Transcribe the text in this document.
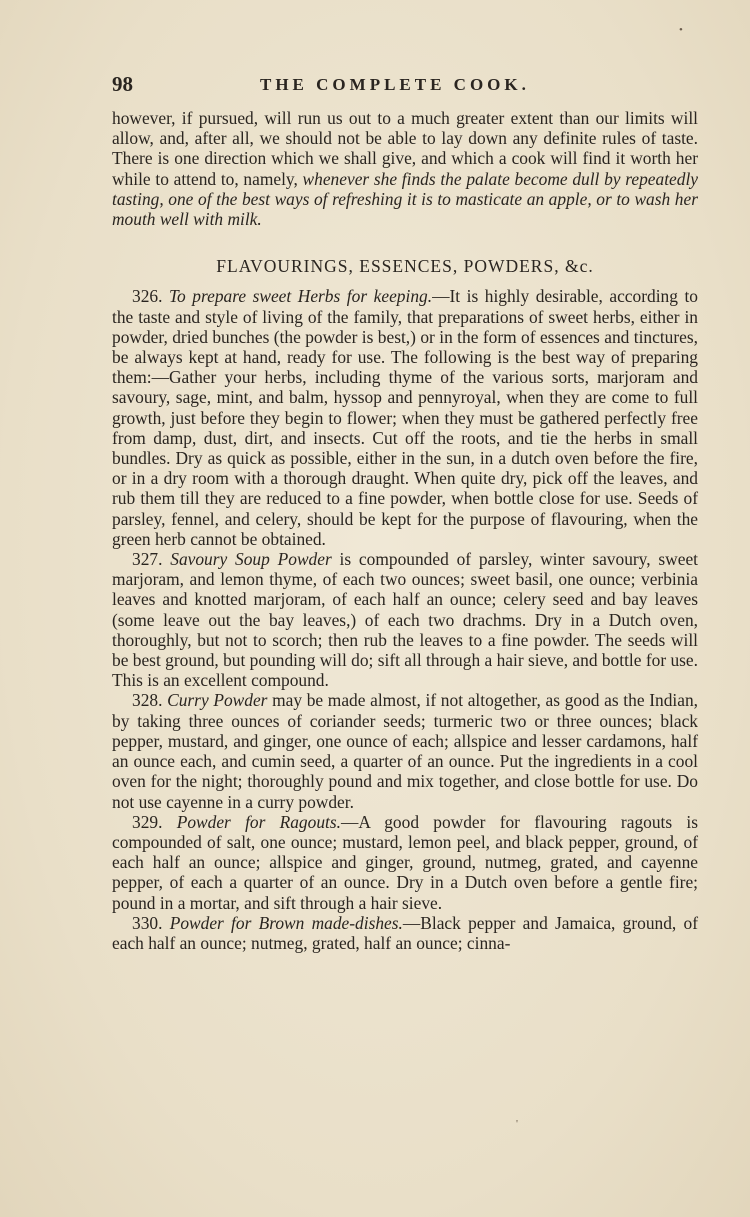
98	THE COMPLETE COOK.

however, if pursued, will run us out to a much greater extent than our limits will allow, and, after all, we should not be able to lay down any definite rules of taste. There is one direction which we shall give, and which a cook will find it worth her while to attend to, namely, whenever she finds the palate become dull by repeatedly tasting, one of the best ways of refreshing it is to masticate an apple, or to wash her mouth well with milk.

FLAVOURINGS, ESSENCES, POWDERS, &c.

326. To prepare sweet Herbs for keeping.—It is highly desirable, according to the taste and style of living of the family, that preparations of sweet herbs, either in powder, dried bunches (the powder is best,) or in the form of essences and tinctures, be always kept at hand, ready for use. The following is the best way of preparing them:—Gather your herbs, including thyme of the various sorts, marjoram and savoury, sage, mint, and balm, hyssop and pennyroyal, when they are come to full growth, just before they begin to flower; when they must be gathered perfectly free from damp, dust, dirt, and insects. Cut off the roots, and tie the herbs in small bundles. Dry as quick as possible, either in the sun, in a dutch oven before the fire, or in a dry room with a thorough draught. When quite dry, pick off the leaves, and rub them till they are reduced to a fine powder, when bottle close for use. Seeds of parsley, fennel, and celery, should be kept for the purpose of flavouring, when the green herb cannot be obtained.

327. Savoury Soup Powder is compounded of parsley, winter savoury, sweet marjoram, and lemon thyme, of each two ounces; sweet basil, one ounce; verbinia leaves and knotted marjoram, of each half an ounce; celery seed and bay leaves (some leave out the bay leaves,) of each two drachms. Dry in a Dutch oven, thoroughly, but not to scorch; then rub the leaves to a fine powder. The seeds will be best ground, but pounding will do; sift all through a hair sieve, and bottle for use. This is an excellent compound.

328. Curry Powder may be made almost, if not altogether, as good as the Indian, by taking three ounces of coriander seeds; turmeric two or three ounces; black pepper, mustard, and ginger, one ounce of each; allspice and lesser cardamons, half an ounce each, and cumin seed, a quarter of an ounce. Put the ingredients in a cool oven for the night; thoroughly pound and mix together, and close bottle for use. Do not use cayenne in a curry powder.

329. Powder for Ragouts.—A good powder for flavouring ragouts is compounded of salt, one ounce; mustard, lemon peel, and black pepper, ground, of each half an ounce; allspice and ginger, ground, nutmeg, grated, and cayenne pepper, of each a quarter of an ounce. Dry in a Dutch oven before a gentle fire; pound in a mortar, and sift through a hair sieve.

330. Powder for Brown made-dishes.—Black pepper and Jamaica, ground, of each half an ounce; nutmeg, grated, half an ounce; cinna-

•
'
